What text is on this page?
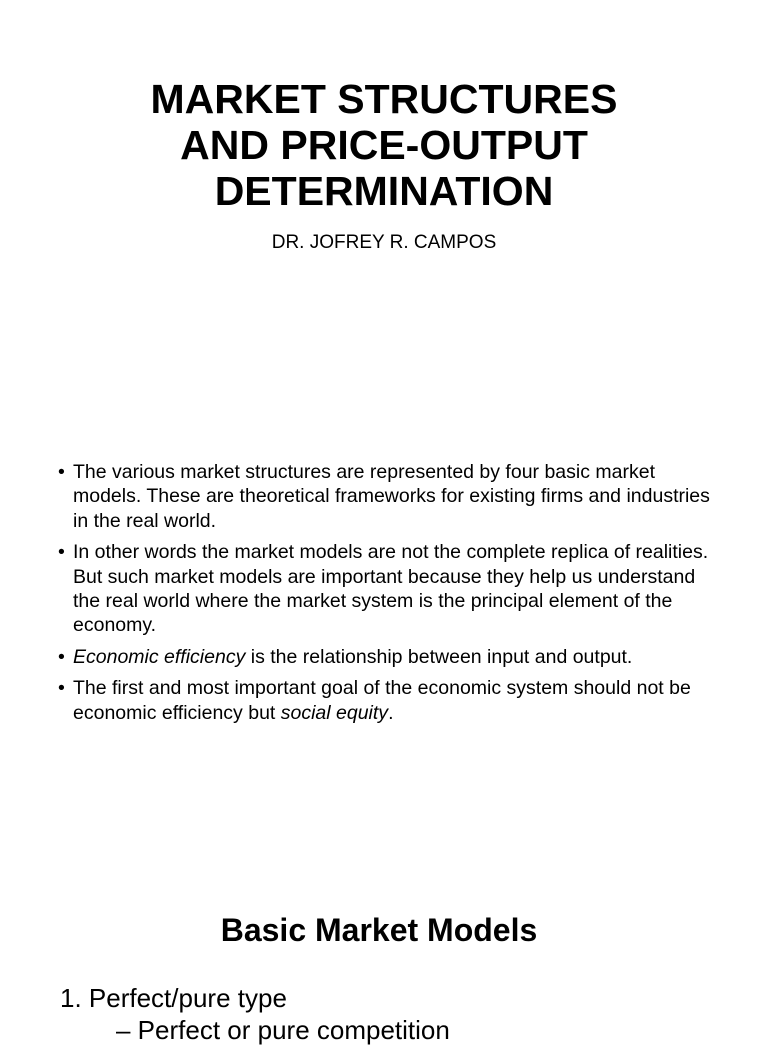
MARKET STRUCTURES
AND PRICE-OUTPUT
DETERMINATION
DR. JOFREY R. CAMPOS
• The various market structures are represented by four basic market models. These are theoretical frameworks for existing firms and industries in the real world.
• In other words the market models are not the complete replica of realities. But such market models are important because they help us understand the real world where the market system is the principal element of the economy.
• Economic efficiency is the relationship between input and output.
• The first and most important goal of the economic system should not be economic efficiency but social equity.
Basic Market Models
1. Perfect/pure type
– Perfect or pure competition
